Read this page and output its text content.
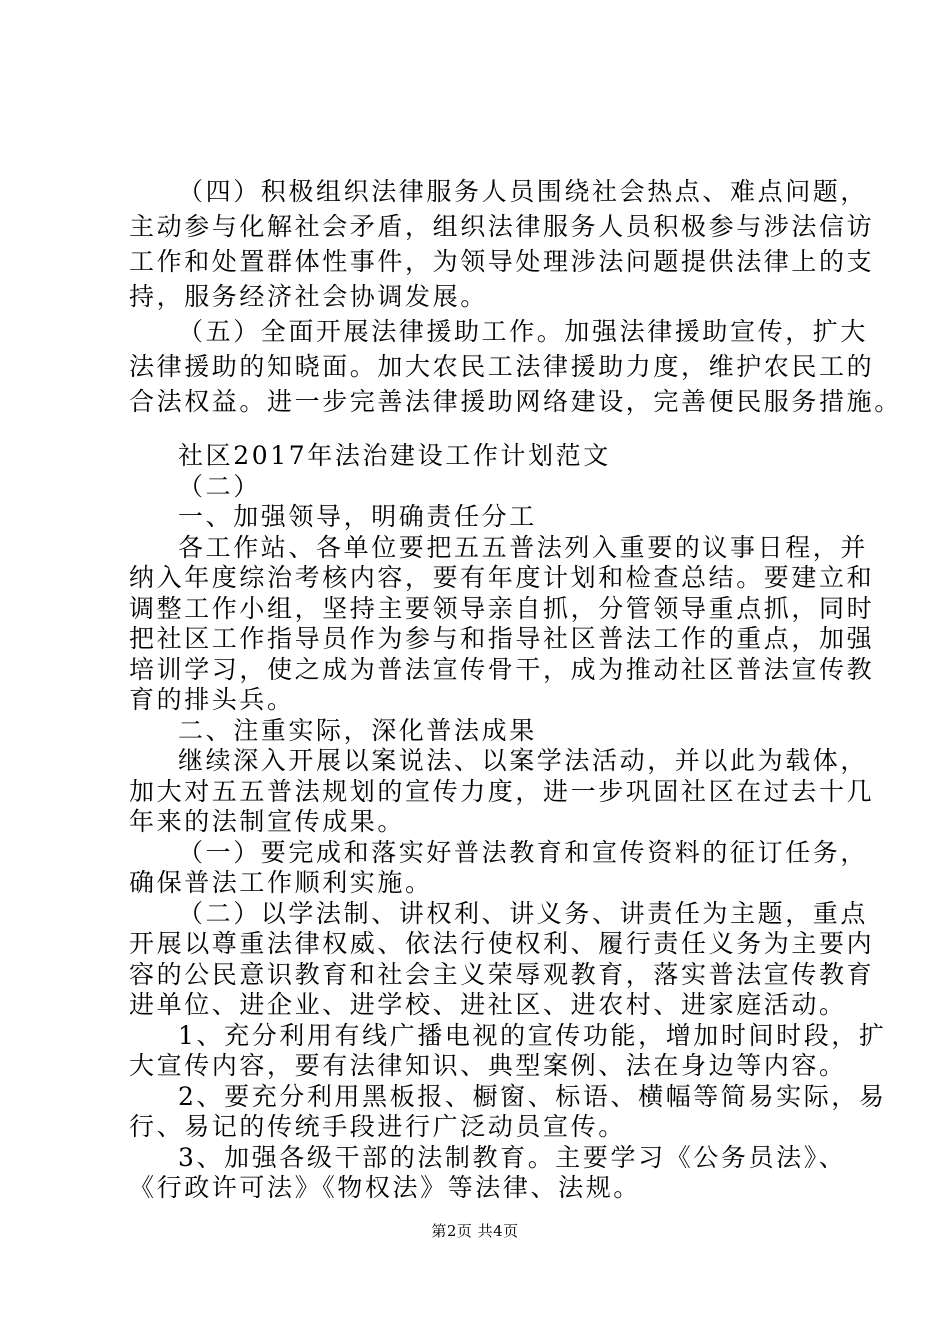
（四）积极组织法律服务人员围绕社会热点、难点问题，
主动参与化解社会矛盾，组织法律服务人员积极参与涉法信访
工作和处置群体性事件，为领导处理涉法问题提供法律上的支
持，服务经济社会协调发展。
（五）全面开展法律援助工作。加强法律援助宣传，扩大
法律援助的知晓面。加大农民工法律援助力度，维护农民工的
合法权益。进一步完善法律援助网络建设，完善便民服务措施。
社区2017年法治建设工作计划范文
（二）
一、加强领导，明确责任分工
各工作站、各单位要把五五普法列入重要的议事日程，并
纳入年度综治考核内容，要有年度计划和检查总结。要建立和
调整工作小组，坚持主要领导亲自抓，分管领导重点抓，同时
把社区工作指导员作为参与和指导社区普法工作的重点，加强
培训学习，使之成为普法宣传骨干，成为推动社区普法宣传教
育的排头兵。
二、注重实际，深化普法成果
继续深入开展以案说法、以案学法活动，并以此为载体，
加大对五五普法规划的宣传力度，进一步巩固社区在过去十几
年来的法制宣传成果。
（一）要完成和落实好普法教育和宣传资料的征订任务，
确保普法工作顺利实施。
（二）以学法制、讲权利、讲义务、讲责任为主题，重点
开展以尊重法律权威、依法行使权利、履行责任义务为主要内
容的公民意识教育和社会主义荣辱观教育，落实普法宣传教育
进单位、进企业、进学校、进社区、进农村、进家庭活动。
1、充分利用有线广播电视的宣传功能，增加时间时段，扩
大宣传内容，要有法律知识、典型案例、法在身边等内容。
2、要充分利用黑板报、橱窗、标语、横幅等简易实际，易
行、易记的传统手段进行广泛动员宣传。
第2页 共4页
3、加强各级干部的法制教育。主要学习《公务员法》、
《行政许可法》《物权法》等法律、法规。
